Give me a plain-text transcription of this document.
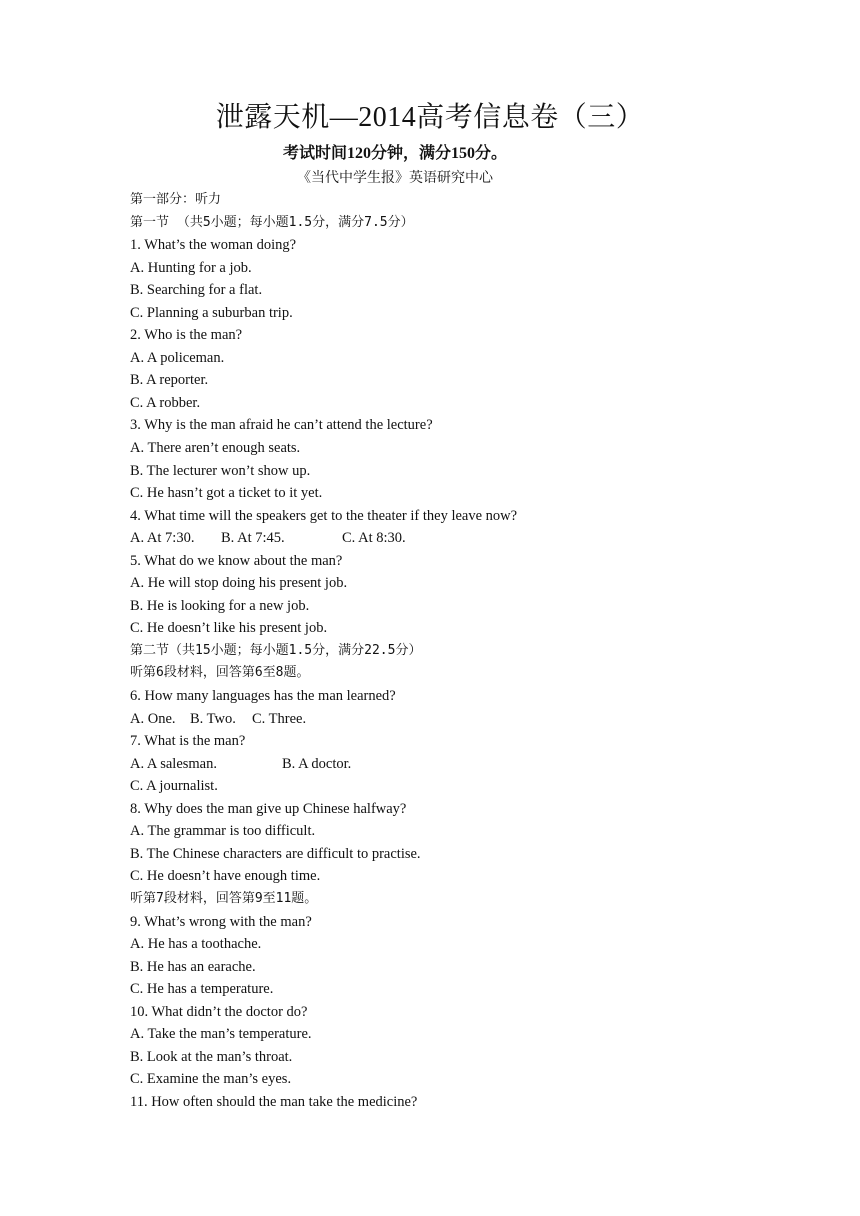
泄露天机—2014高考信息卷（三）
考试时间120分钟，满分150分。
《当代中学生报》英语研究中心
第一部分：听力
第一节 （共5小题；每小题1.5分，满分7.5分）
1. What’s the woman doing?
A. Hunting for a job.
B. Searching for a flat.
C. Planning a suburban trip.
2. Who is the man?
A. A policeman.
B. A reporter.
C. A robber.
3. Why is the man afraid he can’t attend the lecture?
A. There aren’t enough seats.
B. The lecturer won’t show up.
C. He hasn’t got a ticket to it yet.
4. What time will the speakers get to the theater if they leave now?
A. At 7:30. B. At 7:45.	C. At 8:30.
5. What do we know about the man?
A. He will stop doing his present job.
B. He is looking for a new job.
C. He doesn’t like his present job.
第二节（共15小题；每小题1.5分，满分22.5分）
听第6段材料，回答第6至8题。
6. How many languages has the man learned?
A. One. B. Two. C. Three.
7. What is the man?
A. A salesman.	B. A doctor.
C. A journalist.
8. Why does the man give up Chinese halfway?
A. The grammar is too difficult.
B. The Chinese characters are difficult to practise.
C. He doesn’t have enough time.
听第7段材料，回答第9至11题。
9. What’s wrong with the man?
A. He has a toothache.
B. He has an earache.
C. He has a temperature.
10. What didn’t the doctor do?
A. Take the man’s temperature.
B. Look at the man’s throat.
C. Examine the man’s eyes.
11. How often should the man take the medicine?
